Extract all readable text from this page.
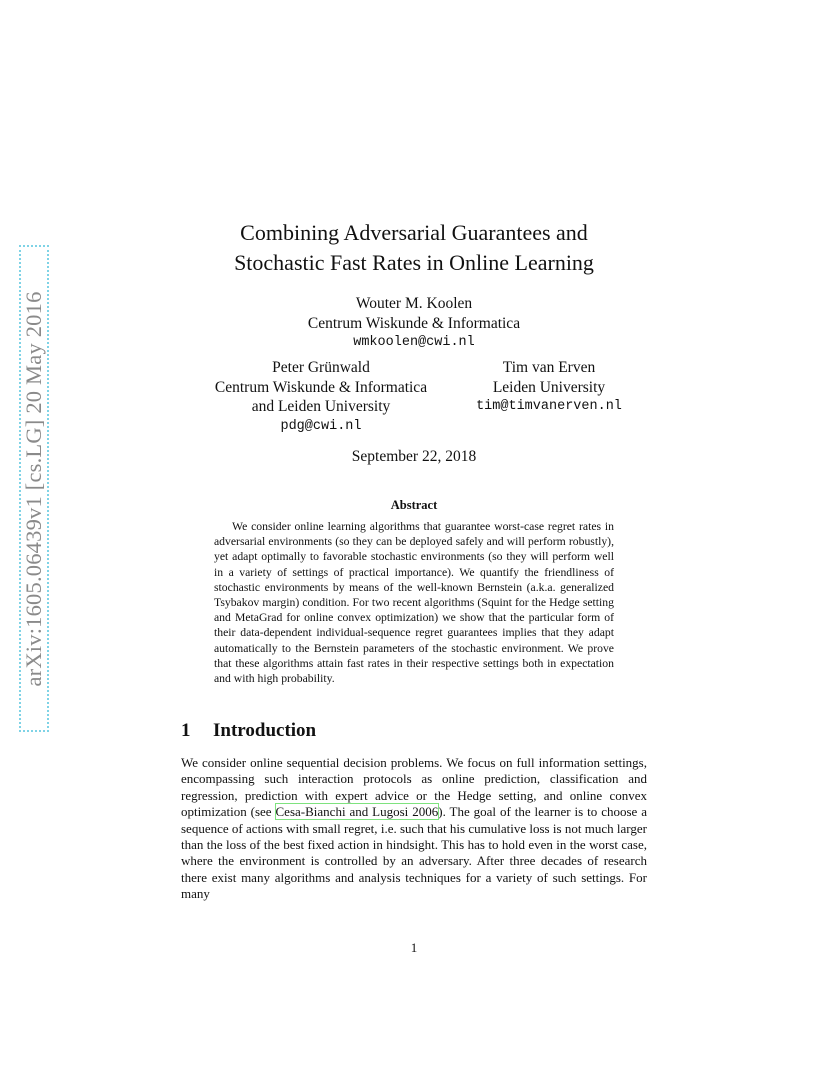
arXiv:1605.06439v1 [cs.LG] 20 May 2016
Combining Adversarial Guarantees and
Stochastic Fast Rates in Online Learning
Wouter M. Koolen
Centrum Wiskunde & Informatica
wmkoolen@cwi.nl
Peter Grünwald
Centrum Wiskunde & Informatica
and Leiden University
pdg@cwi.nl
Tim van Erven
Leiden University
tim@timvanerven.nl
September 22, 2018
Abstract
We consider online learning algorithms that guarantee worst-case regret rates in adversarial environments (so they can be deployed safely and will perform robustly), yet adapt optimally to favorable stochastic environments (so they will perform well in a variety of settings of practical importance). We quantify the friendliness of stochastic environments by means of the well-known Bernstein (a.k.a. generalized Tsybakov margin) condition. For two recent algorithms (Squint for the Hedge setting and MetaGrad for online convex optimization) we show that the particular form of their data-dependent individual-sequence regret guarantees implies that they adapt automatically to the Bernstein parameters of the stochastic environment. We prove that these algorithms attain fast rates in their respective settings both in expectation and with high probability.
1 Introduction
We consider online sequential decision problems. We focus on full information settings, encompassing such interaction protocols as online prediction, classification and regression, prediction with expert advice or the Hedge setting, and online convex optimization (see Cesa-Bianchi and Lugosi 2006). The goal of the learner is to choose a sequence of actions with small regret, i.e. such that his cumulative loss is not much larger than the loss of the best fixed action in hindsight. This has to hold even in the worst case, where the environment is controlled by an adversary. After three decades of research there exist many algorithms and analysis techniques for a variety of such settings. For many
1
